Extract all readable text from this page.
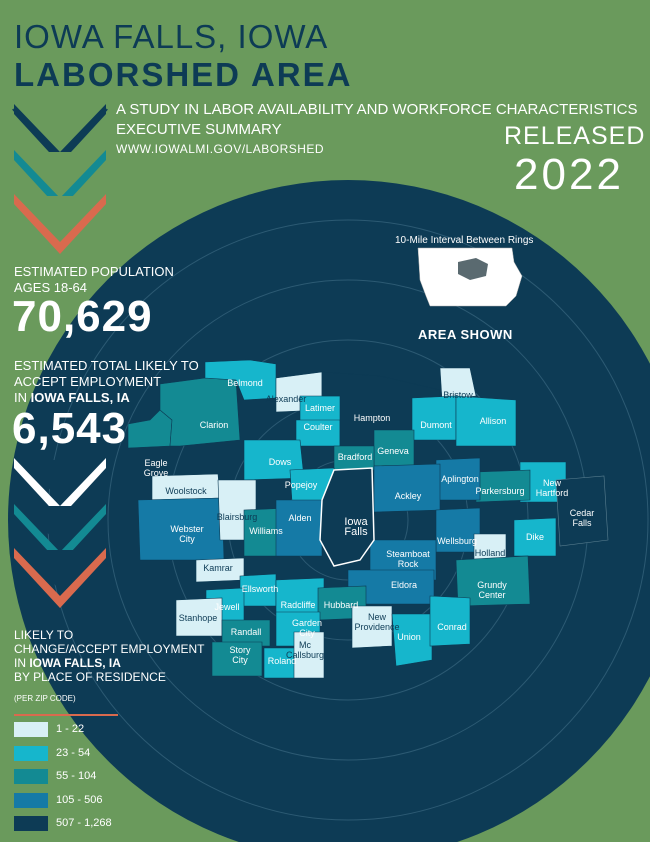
IOWA FALLS, IOWA
LABORSHED AREA
A STUDY IN LABOR AVAILABILITY AND WORKFORCE CHARACTERISTICS
EXECUTIVE SUMMARY
WWW.IOWALMI.GOV/LABORSHED	RELEASED
2022
ESTIMATED POPULATION
AGES 18-64
70,629
ESTIMATED TOTAL LIKELY TO
ACCEPT EMPLOYMENT
IN IOWA FALLS, IA
6,543
10-Mile Interval Between Rings
AREA SHOWN
Belmond
Alexander
Latimer
Clarion	Coulter
Hampton
Bristow
Dumont	Allison
Eagle
Grove
Dows	Bradford
Geneva
New
Hartford
Woolstock
Popejoy
Ackley
Aplington
Parkersburg
Cedar
Falls
Blairsburg	Alden	Iowa
Falls
Webster
City
Williams
Wellsburg	Dike
Steamboat
Rock
Holland
Kamrar
Ellsworth	Eldora	Grundy
Center
Jewell	Radcliffe Hubbard
Stanhope	New
Providence	Conrad
Randall
Garden
City	Union
Mc
Callsburg
Story
City	Roland
LIKELY TO
CHANGE/ACCEPT EMPLOYMENT
IN IOWA FALLS, IA
BY PLACE OF RESIDENCE
(PER ZIP CODE)
1 - 22
23 - 54
55 - 104
105 - 506
507 - 1,268
